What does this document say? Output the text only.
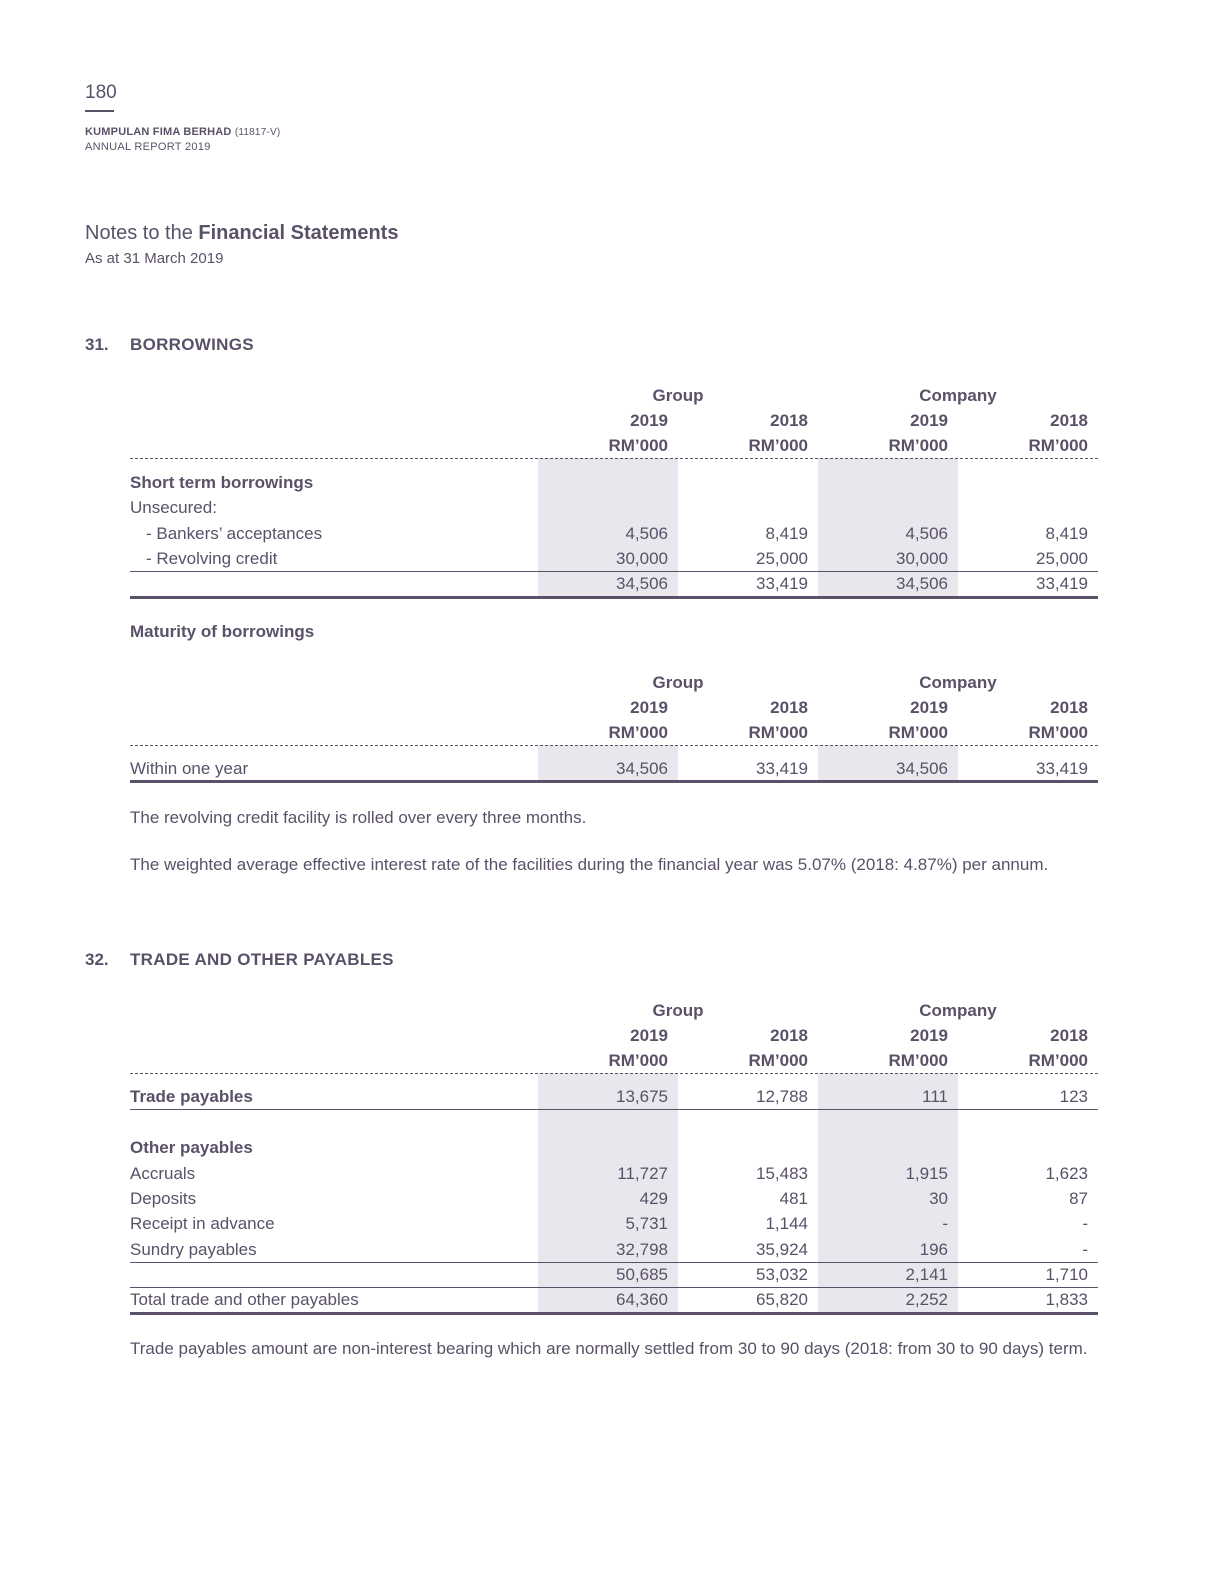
180
KUMPULAN FIMA BERHAD (11817-V)
ANNUAL REPORT 2019
Notes to the Financial Statements
As at 31 March 2019
31. BORROWINGS
Group	Company
2019	2018	2019	2018
RM’000	RM’000	RM’000	RM’000
Short term borrowings
Unsecured:
- Bankers’ acceptances	4,506	8,419	4,506	8,419
- Revolving credit	30,000	25,000	30,000	25,000
34,506	33,419	34,506	33,419
Maturity of borrowings
Group	Company
2019	2018	2019	2018
RM’000	RM’000	RM’000	RM’000
Within one year	34,506	33,419	34,506	33,419
The revolving credit facility is rolled over every three months.
The weighted average effective interest rate of the facilities during the financial year was 5.07% (2018: 4.87%) per annum.
32. TRADE AND OTHER PAYABLES
Group	Company
2019	2018	2019	2018
RM’000	RM’000	RM’000	RM’000
Trade payables	13,675	12,788	111	123
Other payables
Accruals	11,727	15,483	1,915	1,623
Deposits	429	481	30	87
Receipt in advance	5,731	1,144	-	-
Sundry payables	32,798	35,924	196	-
50,685	53,032	2,141	1,710
Total trade and other payables	64,360	65,820	2,252	1,833
Trade payables amount are non-interest bearing which are normally settled from 30 to 90 days (2018: from 30 to 90 days) term.
